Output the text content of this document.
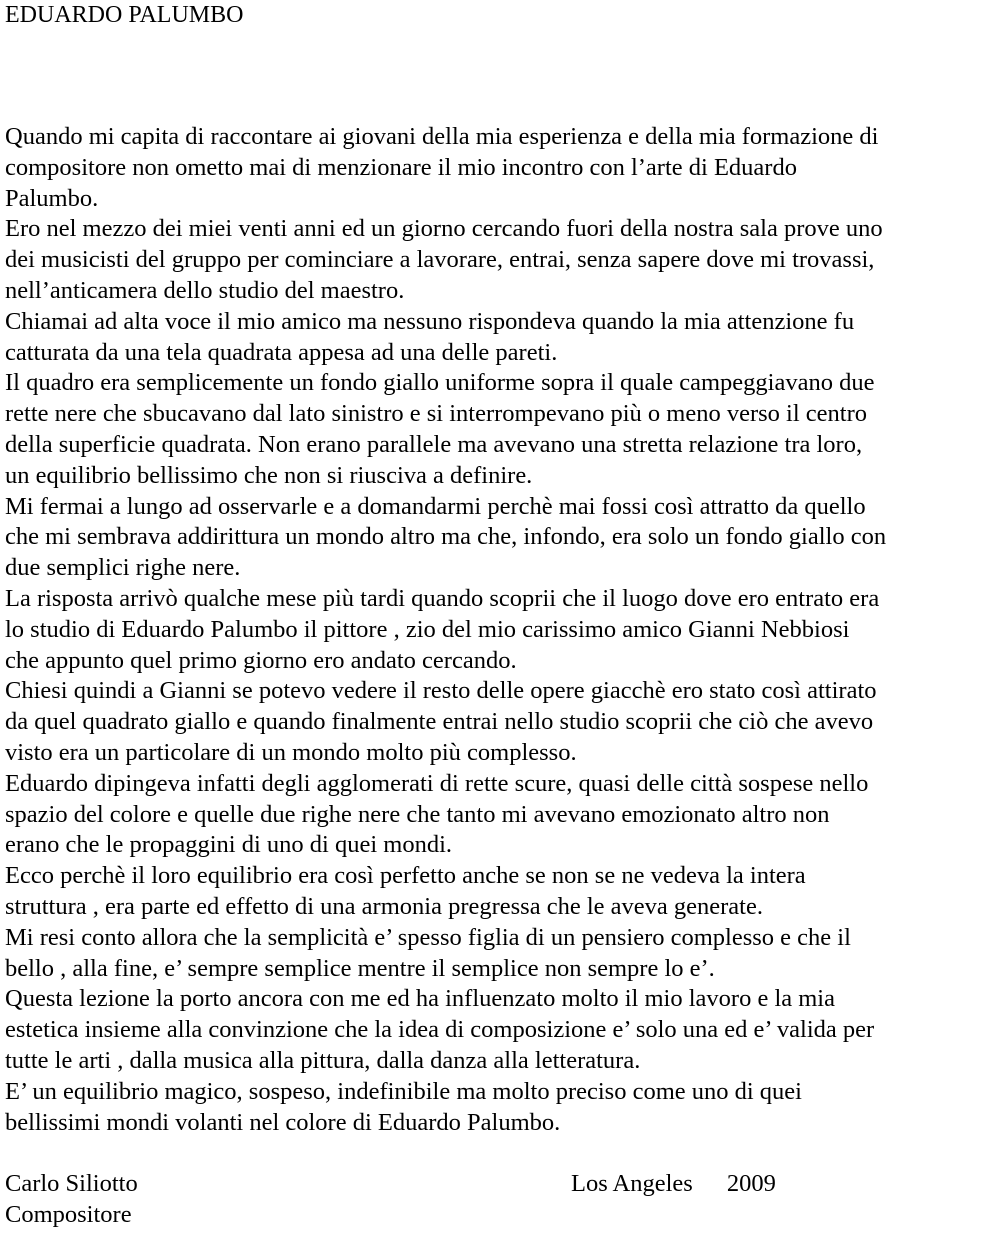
EDUARDO PALUMBO
Quando mi capita di raccontare ai giovani della mia esperienza e della mia formazione di
compositore non ometto mai di menzionare il mio incontro con l’arte di Eduardo
Palumbo.
Ero nel mezzo dei miei venti anni ed un giorno cercando fuori della nostra sala prove uno
dei musicisti del gruppo per cominciare a lavorare, entrai, senza sapere dove mi trovassi,
nell’anticamera dello studio del maestro.
Chiamai ad alta voce il mio amico ma nessuno rispondeva quando la mia attenzione fu
catturata da una tela quadrata appesa ad una delle pareti.
Il quadro era semplicemente un fondo giallo uniforme sopra il quale campeggiavano due
rette nere che sbucavano dal lato sinistro e si interrompevano più o meno verso il centro
della superficie quadrata. Non erano parallele ma avevano una stretta relazione tra loro,
un equilibrio bellissimo che non si riusciva a definire.
Mi fermai a lungo ad osservarle e a domandarmi perchè mai fossi così attratto da quello
che mi sembrava addirittura un mondo altro ma che, infondo, era solo un fondo giallo con
due semplici righe nere.
La risposta arrivò qualche mese più tardi quando scoprii che il luogo dove ero entrato era
lo studio di Eduardo Palumbo il pittore , zio del mio carissimo amico Gianni Nebbiosi
che appunto quel primo giorno ero andato cercando.
Chiesi quindi a Gianni se potevo vedere il resto delle opere giacchè ero stato così attirato
da quel quadrato giallo e quando finalmente entrai nello studio scoprii che ciò che avevo
visto era un particolare di un mondo molto più complesso.
Eduardo dipingeva infatti degli agglomerati di rette scure, quasi delle città sospese nello
spazio del colore e quelle due righe nere che tanto mi avevano emozionato altro non
erano che le propaggini di uno di quei mondi.
Ecco perchè il loro equilibrio era così perfetto anche se non se ne vedeva la intera
struttura , era parte ed effetto di una armonia pregressa che le aveva generate.
Mi resi conto allora che la semplicità e’ spesso figlia di un pensiero complesso e che il
bello , alla fine, e’ sempre semplice mentre il semplice non sempre lo e’.
Questa lezione la porto ancora con me ed ha influenzato molto il mio lavoro e la mia
estetica insieme alla convinzione che la idea di composizione e’ solo una ed e’ valida per
tutte le arti , dalla musica alla pittura, dalla danza alla letteratura.
E’ un equilibrio magico, sospeso, indefinibile ma molto preciso come uno di quei
bellissimi mondi volanti nel colore di Eduardo Palumbo.
Carlo Siliotto
Compositore
Los Angeles 2009
